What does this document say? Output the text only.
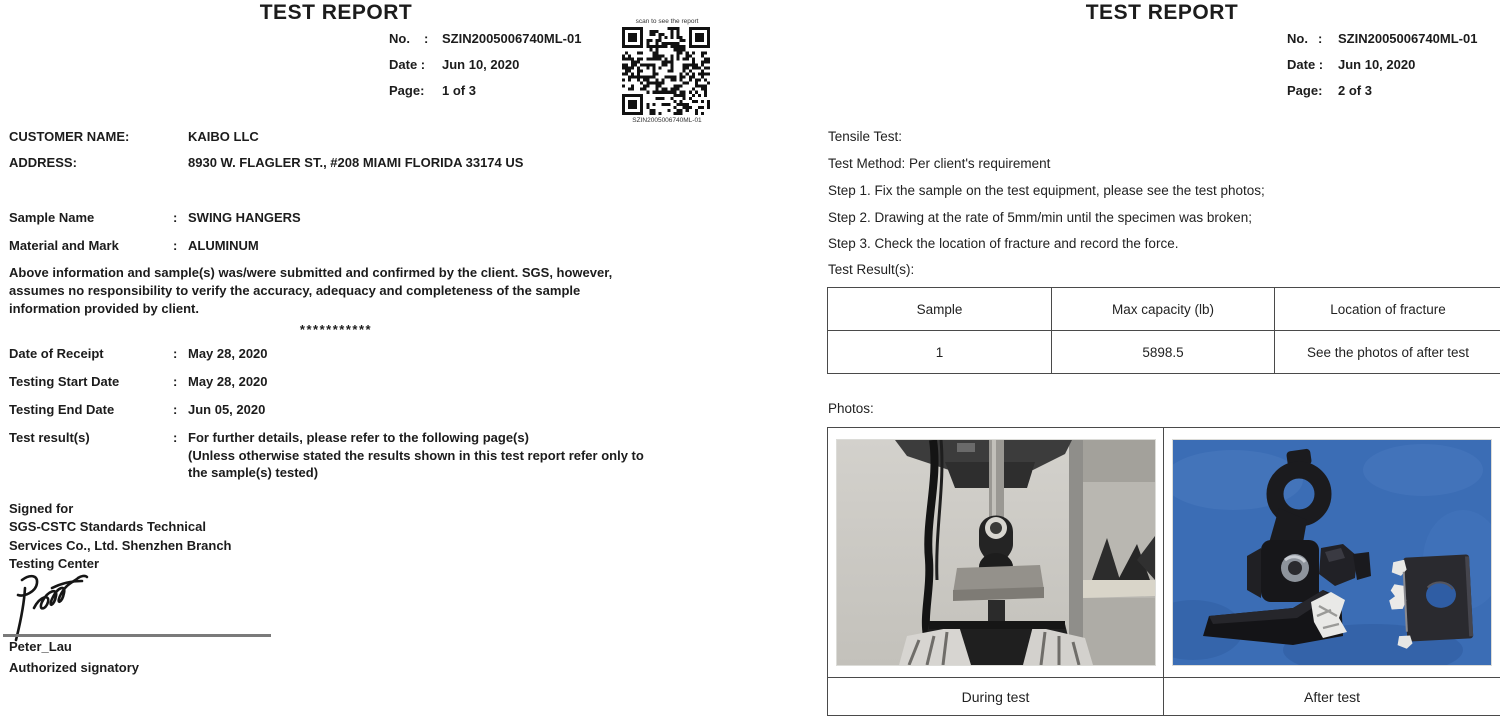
TEST REPORT
No. : SZIN2005006740ML-01
Date : Jun 10, 2020
Page: 1 of 3
scan to see the report
SZIN2005006740ML-01
CUSTOMER NAME:	KAIBO LLC
ADDRESS:	8930 W. FLAGLER ST., #208 MIAMI FLORIDA 33174 US
Sample Name	: SWING HANGERS
Material and Mark	: ALUMINUM
Above information and sample(s) was/were submitted and confirmed by the client. SGS, however,
assumes no responsibility to verify the accuracy, adequacy and completeness of the sample
information provided by client.
***********
Date of Receipt	: May 28, 2020
Testing Start Date	: May 28, 2020
Testing End Date	: Jun 05, 2020
Test result(s)	: For further details, please refer to the following page(s)
(Unless otherwise stated the results shown in this test report refer only to
the sample(s) tested)
Signed for
SGS-CSTC Standards Technical
Services Co., Ltd. Shenzhen Branch
Testing Center
Peter_Lau
Authorized signatory
TEST REPORT
No. : SZIN2005006740ML-01
Date : Jun 10, 2020
Page: 2 of 3
Tensile Test:
Test Method: Per client's requirement
Step 1. Fix the sample on the test equipment, please see the test photos;
Step 2. Drawing at the rate of 5mm/min until the specimen was broken;
Step 3. Check the location of fracture and record the force.
Test Result(s):
Sample	Max capacity (lb)	Location of fracture
1	5898.5	See the photos of after test
Photos:

During test	After test
